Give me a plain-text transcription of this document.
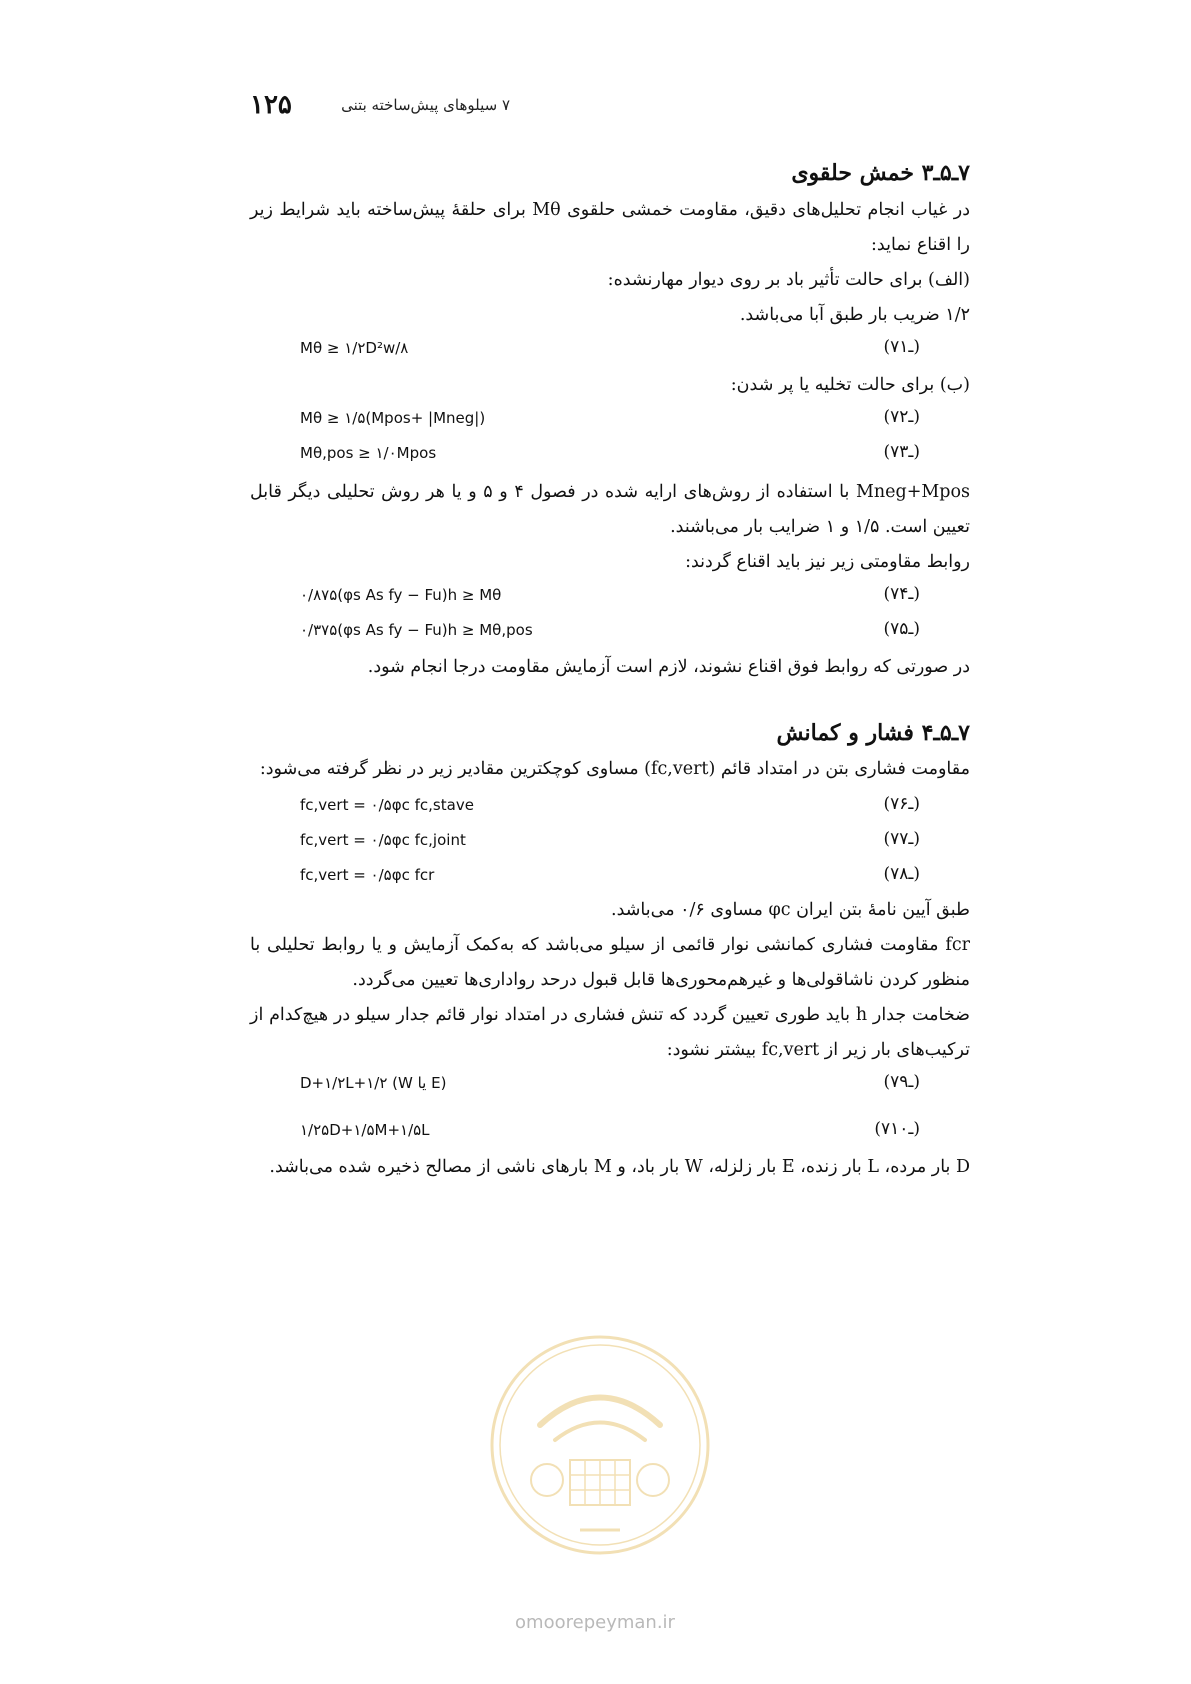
۱۲۵	۷ سیلوهای پیش‌ساخته بتنی
۷ـ۵ـ۳ خمش حلقوی
در غیاب انجام تحلیل‌های دقیق، مقاومت خمشی حلقوی Mθ برای حلقهٔ پیش‌ساخته باید شرایط زیر را اقناع نماید:
(الف) برای حالت تأثیر باد بر روی دیوار مهارنشده:
۱/۲ ضریب بار طبق آبا می‌باشد.
Mθ ≥ ۱/۲D²w/۸	(۷ـ۱)
(ب) برای حالت تخلیه یا پر شدن:
Mθ ≥ ۱/۵(Mpos+ |Mneg|)	(۷ـ۲)
Mθ,pos ≥ ۱/۰Mpos	(۷ـ۳)
Mneg+Mpos با استفاده از روش‌های ارایه شده در فصول ۴ و ۵ و یا هر روش تحلیلی دیگر قابل تعیین است. ۱/۵ و ۱ ضرایب بار می‌باشند.
روابط مقاومتی زیر نیز باید اقناع گردند:
۰/۸۷۵(φs As fy − Fu)h ≥ Mθ	(۷ـ۴)
۰/۳۷۵(φs As fy − Fu)h ≥ Mθ,pos	(۷ـ۵)
در صورتی که روابط فوق اقناع نشوند، لازم است آزمایش مقاومت درجا انجام شود.
۷ـ۵ـ۴ فشار و کمانش
مقاومت فشاری بتن در امتداد قائم (fc,vert) مساوی کوچکترین مقادیر زیر در نظر گرفته می‌شود:
fc,vert = ۰/۵φc fc,stave	(۷ـ۶)
fc,vert = ۰/۵φc fc,joint	(۷ـ۷)
fc,vert = ۰/۵φc fcr	(۷ـ۸)
طبق آیین نامهٔ بتن ایران φc مساوی ۰/۶ می‌باشد.
fcr مقاومت فشاری کمانشی نوار قائمی از سیلو می‌باشد که به‌کمک آزمایش و یا روابط تحلیلی با منظور کردن ناشاقولی‌ها و غیرهم‌محوری‌ها قابل قبول درحد رواداری‌ها تعیین می‌گردد.
ضخامت جدار h باید طوری تعیین گردد که تنش فشاری در امتداد نوار قائم جدار سیلو در هیچ‌کدام از ترکیب‌های بار زیر از fc,vert بیشتر نشود:
D+۱/۲L+۱/۲ (W یا E)	(۷ـ۹)
۱/۲۵D+۱/۵M+۱/۵L	(۷ـ۱۰)
D بار مرده، L بار زنده، E بار زلزله، W بار باد، و M بارهای ناشی از مصالح ذخیره شده می‌باشد.
omoorepeyman.ir
